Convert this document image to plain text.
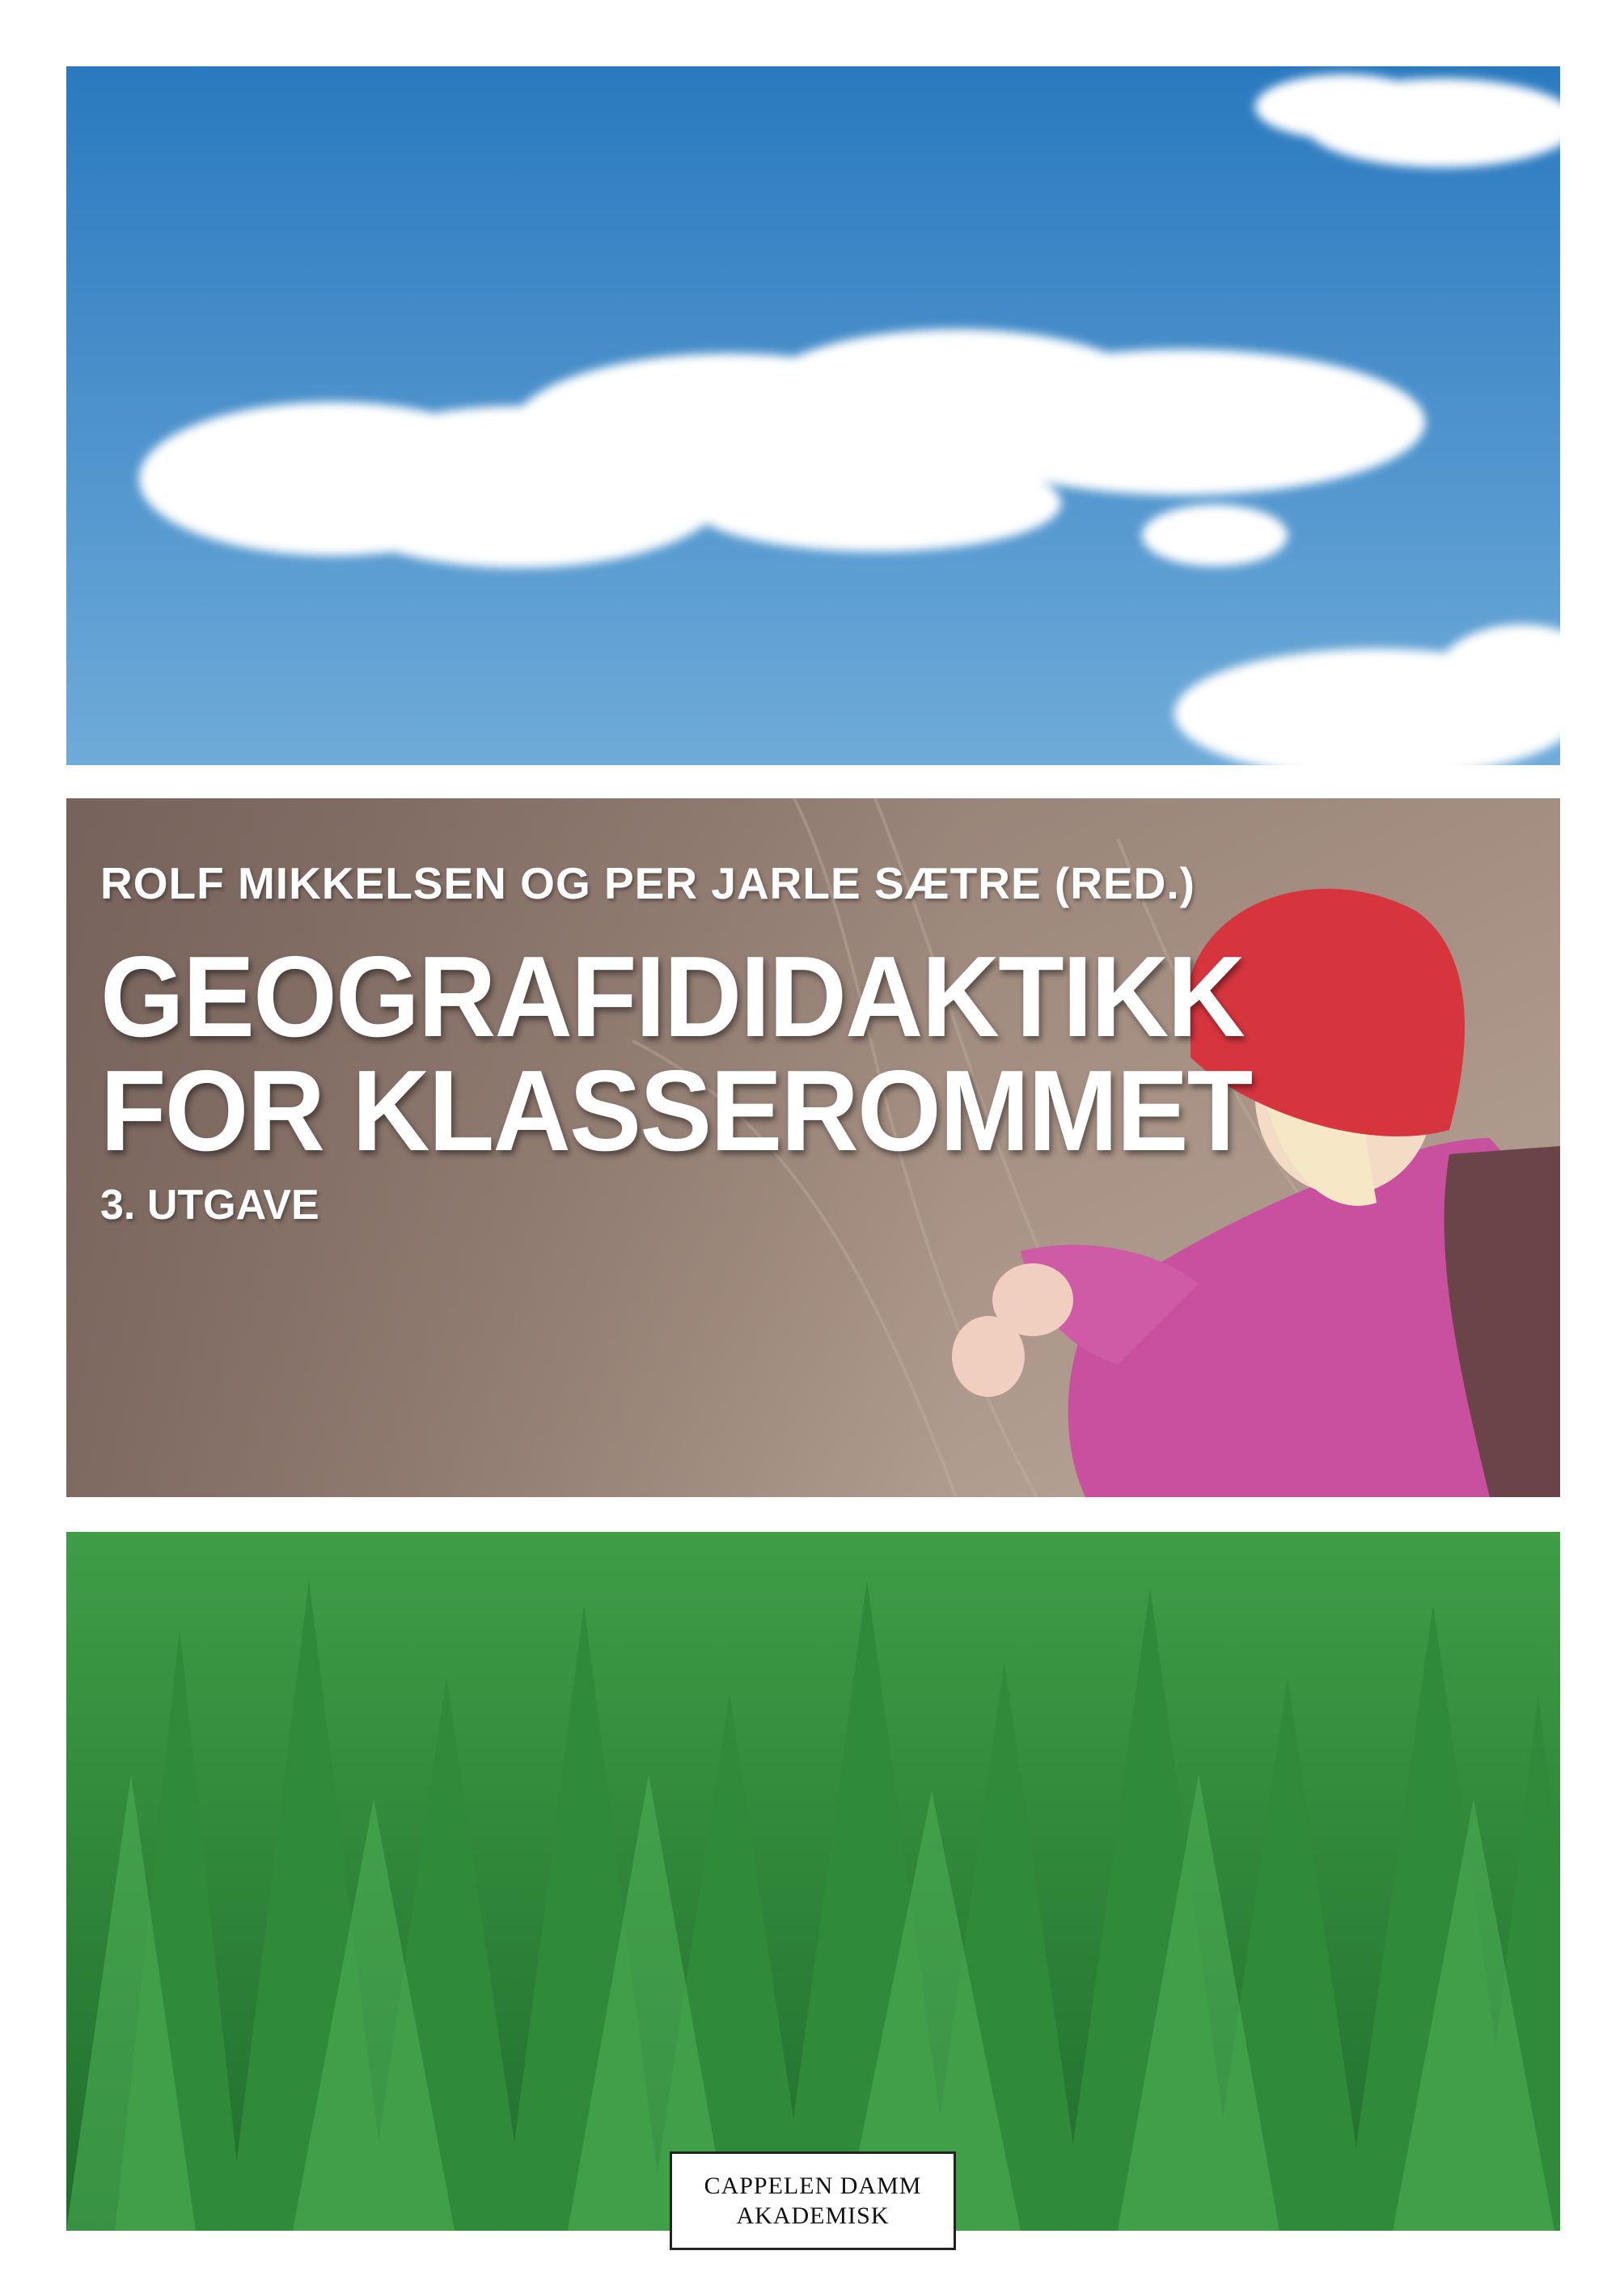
ROLF MIKKELSEN OG PER JARLE SÆTRE (RED.)
GEOGRAFIDIDAKTIKK
FOR KLASSEROMMET
3. UTGAVE
CAPPELEN DAMM
AKADEMISK
